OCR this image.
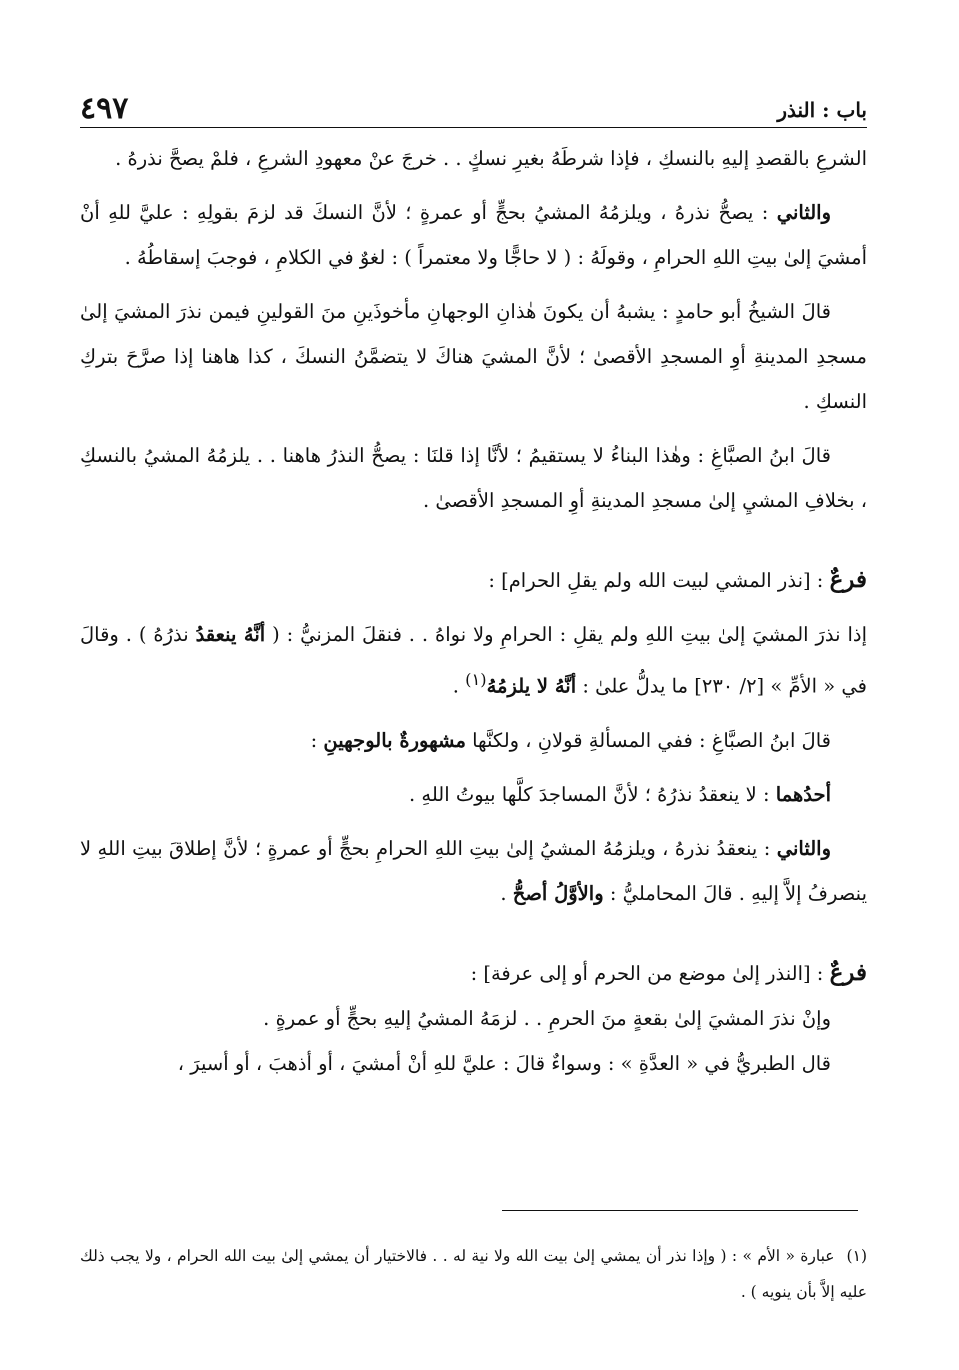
باب : النذر
٤٩٧

الشرعِ بالقصدِ إليهِ بالنسكِ ، فإذا شرطَهُ بغيرِ نسكٍ . . خرجَ عنْ معهودِ الشرعِ ، فلمْ يصحَّ نذرهُ .

والثاني : يصحُّ نذرهُ ، ويلزمُهُ المشيُ بحجٍّ أو عمرةٍ ؛ لأنَّ النسكَ قد لزمَ بقولِهِ : عليَّ للهِ أنْ أمشيَ إلىٰ بيتِ اللهِ الحرامِ ، وقولَهُ : ( لا حاجًّا ولا معتمراً ) : لغوٌ في الكلامِ ، فوجبَ إسقاطُهُ .

قالَ الشيخُ أبو حامدٍ : يشبهُ أن يكونَ هٰذانِ الوجهانِ مأخوذَينِ منَ القولينِ فيمن نذرَ المشيَ إلىٰ مسجدِ المدينةِ أوِ المسجدِ الأقصىٰ ؛ لأنَّ المشيَ هناكَ لا يتضمَّنُ النسكَ ، كذا هاهنا إذا صرَّحَ بتركِ النسكِ .

قالَ ابنُ الصبَّاغِ : وهٰذا البناءُ لا يستقيمُ ؛ لأنَّا إذا قلنَا : يصحُّ النذرُ هاهنا . . يلزمُهُ المشيُ بالنسكِ ، بخلافِ المشيِ إلىٰ مسجدِ المدينةِ أوِ المسجدِ الأقصىٰ .

فرعٌ : [نذر المشي لبيت الله ولم يقلِ الحرام] :

إذا نذرَ المشيَ إلىٰ بيتِ اللهِ ولم يقلِ : الحرامِ ولا نواهُ . . فنقلَ المزنيُّ : ( أنَّهُ ينعقدُ نذرُهُ ) . وقالَ في « الأمِّ » [٢/ ٢٣٠] ما يدلُّ علىٰ : أنَّهُ لا يلزمُهُ$^{(١)}$ .

قالَ ابنُ الصبَّاغِ : ففي المسألةِ قولانِ ، ولكنَّها مشهورةٌ بالوجهينِ :

أحدُهما : لا ينعقدُ نذرُهُ ؛ لأنَّ المساجدَ كلَّها بيوتُ اللهِ .

والثاني : ينعقدُ نذرهُ ، ويلزمُهُ المشيُ إلىٰ بيتِ اللهِ الحرامِ بحجٍّ أو عمرةٍ ؛ لأنَّ إطلاقَ بيتِ اللهِ لا ينصرفُ إلاَّ إليهِ . قالَ المحامليُّ : والأوَّلُ أصحُّ .

فرعٌ : [النذر إلىٰ موضع من الحرم أو إلى عرفة] :

وإنْ نذرَ المشيَ إلىٰ بقعةٍ منَ الحرمِ . . لزمَهُ المشيُ إليهِ بحجٍّ أو عمرةٍ .

قال الطبريُّ في « العدَّةِ » : وسواءٌ قالَ : عليَّ للهِ أنْ أمشيَ ، أو أذهبَ ، أو أسيرَ ،

(١)عبارة « الأم » : ( وإذا نذر أن يمشي إلىٰ بيت الله ولا نية له . . فالاختيار أن يمشي إلىٰ بيت الله الحرام ، ولا يجب ذلك عليه إلاَّ بأن ينويه ) .
